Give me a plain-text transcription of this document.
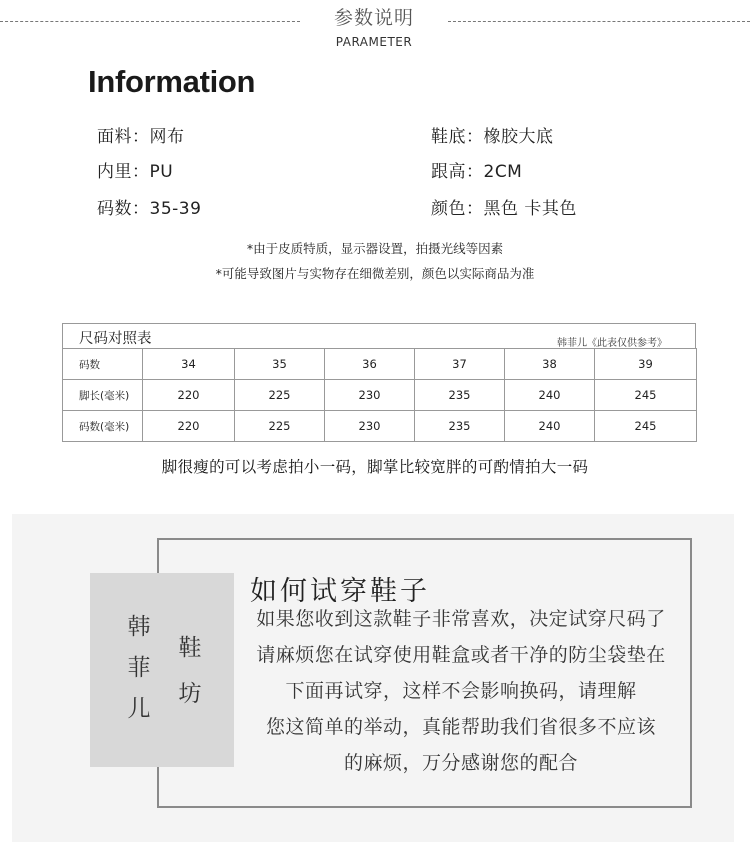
参数说明
PARAMETER
Information
面料：网布	鞋底：橡胶大底
内里：PU	跟高：2CM
码数：35-39	颜色：黑色 卡其色
*由于皮质特质，显示器设置，拍摄光线等因素
*可能导致图片与实物存在细微差别，颜色以实际商品为准
尺码对照表	韩菲儿《此表仅供参考》
码数	34	35	36	37	38	39
脚长(毫米)	220	225	230	235	240	245
码数(毫米)	220	225	230	235	240	245
脚很瘦的可以考虑拍小一码，脚掌比较宽胖的可酌情拍大一码
韩
菲
儿
鞋
坊
如何试穿鞋子
如果您收到这款鞋子非常喜欢，决定试穿尺码了
请麻烦您在试穿使用鞋盒或者干净的防尘袋垫在
下面再试穿，这样不会影响换码，请理解
您这简单的举动，真能帮助我们省很多不应该
的麻烦，万分感谢您的配合
